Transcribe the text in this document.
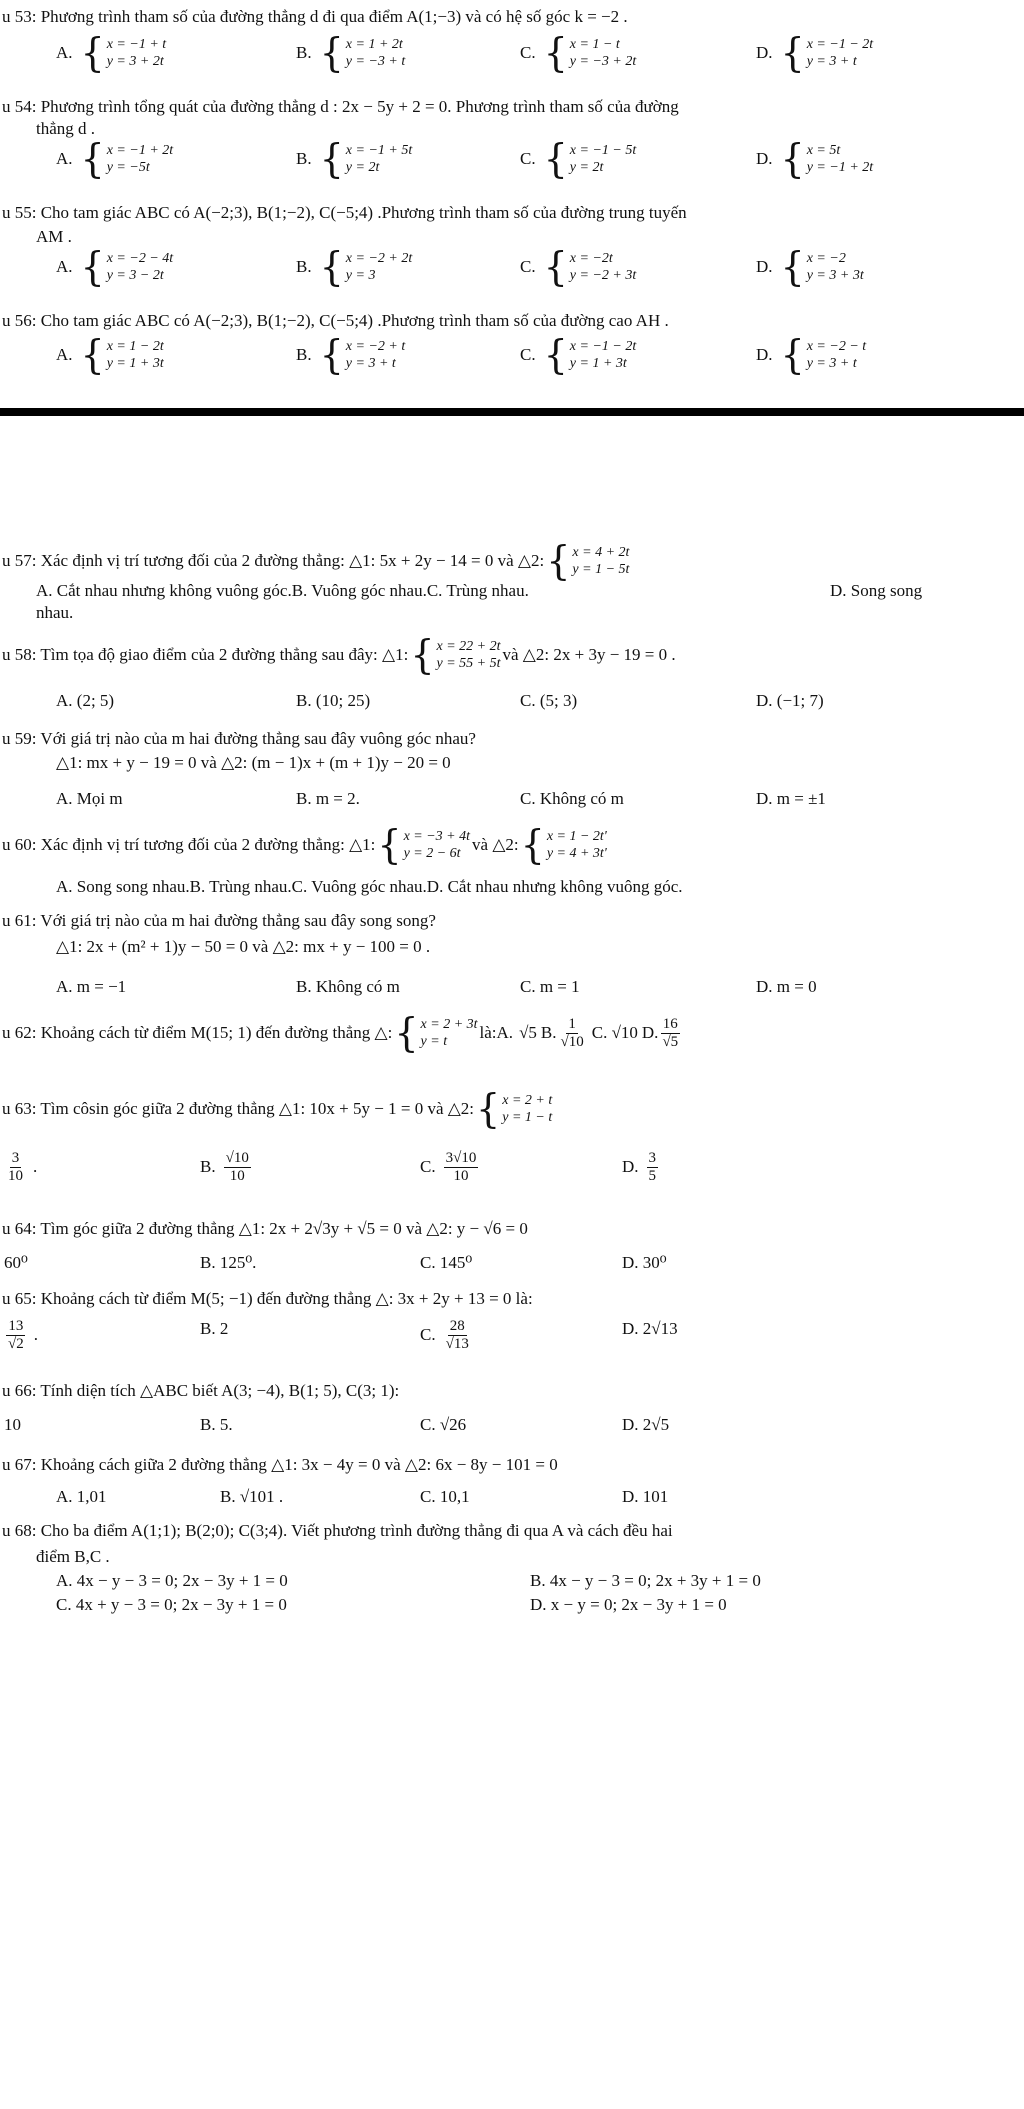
u 53: Phương trình tham số của đường thẳng d đi qua điểm A(1;−3) và có hệ số góc k = −2 .
A. { x = −1 + t
y = 3 + 2t	B. { x = 1 + 2t
y = −3 + t	C. { x = 1 − t
y = −3 + 2t	D. { x = −1 − 2t
y = 3 + t
u 54: Phương trình tổng quát của đường thẳng d : 2x − 5y + 2 = 0. Phương trình tham số của đường
thẳng d .
A. { x = −1 + 2t
y = −5t	B. { x = −1 + 5t
y = 2t	C. { x = −1 − 5t
y = 2t	D. { x = 5t
y = −1 + 2t
u 55: Cho tam giác ABC có A(−2;3), B(1;−2), C(−5;4) .Phương trình tham số của đường trung tuyến
AM .
A. { x = −2 − 4t
y = 3 − 2t	B. { x = −2 + 2t
y = 3	C. { x = −2t
y = −2 + 3t	D. { x = −2
y = 3 + 3t
u 56: Cho tam giác ABC có A(−2;3), B(1;−2), C(−5;4) .Phương trình tham số của đường cao AH .
A. { x = 1 − 2t
y = 1 + 3t	B. { x = −2 + t
y = 3 + t	C. { x = −1 − 2t
y = 1 + 3t	D. { x = −2 − t
y = 3 + t
u 57: Xác định vị trí tương đối của 2 đường thẳng: △1: 5x + 2y − 14 = 0 và △2: { x = 4 + 2t
y = 1 − 5t
A. Cắt nhau nhưng không vuông góc.B. Vuông góc nhau.C. Trùng nhau.	D. Song song
nhau.
u 58: Tìm tọa độ giao điểm của 2 đường thẳng sau đây: △1: { x = 22 + 2t
y = 55 + 5t và △2: 2x + 3y − 19 = 0 .
A. (2; 5)	B. (10; 25)	C. (5; 3)	D. (−1; 7)
u 59: Với giá trị nào của m hai đường thẳng sau đây vuông góc nhau?
△1: mx + y − 19 = 0 và △2: (m − 1)x + (m + 1)y − 20 = 0
A. Mọi m	B. m = 2.	C. Không có m	D. m = ±1
u 60: Xác định vị trí tương đối của 2 đường thẳng: △1: { x = −3 + 4t
y = 2 − 6t và △2: { x = 1 − 2t'
y = 4 + 3t'
A. Song song nhau.B. Trùng nhau.C. Vuông góc nhau.D. Cắt nhau nhưng không vuông góc.
u 61: Với giá trị nào của m hai đường thẳng sau đây song song?
△1: 2x + (m² + 1)y − 50 = 0 và △2: mx + y − 100 = 0 .
A. m = −1	B. Không có m	C. m = 1	D. m = 0
u 62: Khoảng cách từ điểm M(15; 1) đến đường thẳng △: { x = 2 + 3t
y = t	là:A. √5 B. $\frac{1}{√10} C$. √10 D. $\frac{16}{√5}$
u 63: Tìm côsin góc giữa 2 đường thẳng △1: 10x + 5y − 1 = 0 và △2: { x = 2 + t
y = 1 − t
$\frac{3}{10}$ .	B. $\frac{√10}{10}$	C. $\frac{3√10}{10}$	D. $\frac{3}{5}$
u 64: Tìm góc giữa 2 đường thẳng △1: 2x + 2√3y + √5 = 0 và △2: y − √6 = 0
60⁰	B. 125⁰.	C. 145⁰	D. 30⁰
u 65: Khoảng cách từ điểm M(5; −1) đến đường thẳng △: 3x + 2y + 13 = 0 là:
$\frac{13}{√2}$ .	B. 2	C. $\frac{28}{√13}$	D. 2√13
u 66: Tính diện tích △ABC biết A(3; −4), B(1; 5), C(3; 1):
10	B. 5.	C. √26	D. 2√5
u 67: Khoảng cách giữa 2 đường thẳng △1: 3x − 4y = 0 và △2: 6x − 8y − 101 = 0
A. 1,01	B. √101 .	C. 10,1	D. 101
u 68: Cho ba điểm A(1;1); B(2;0); C(3;4). Viết phương trình đường thẳng đi qua A và cách đều hai
điểm B,C .
A. 4x − y − 3 = 0; 2x − 3y + 1 = 0	B. 4x − y − 3 = 0; 2x + 3y + 1 = 0
C. 4x + y − 3 = 0; 2x − 3y + 1 = 0	D. x − y = 0; 2x − 3y + 1 = 0
